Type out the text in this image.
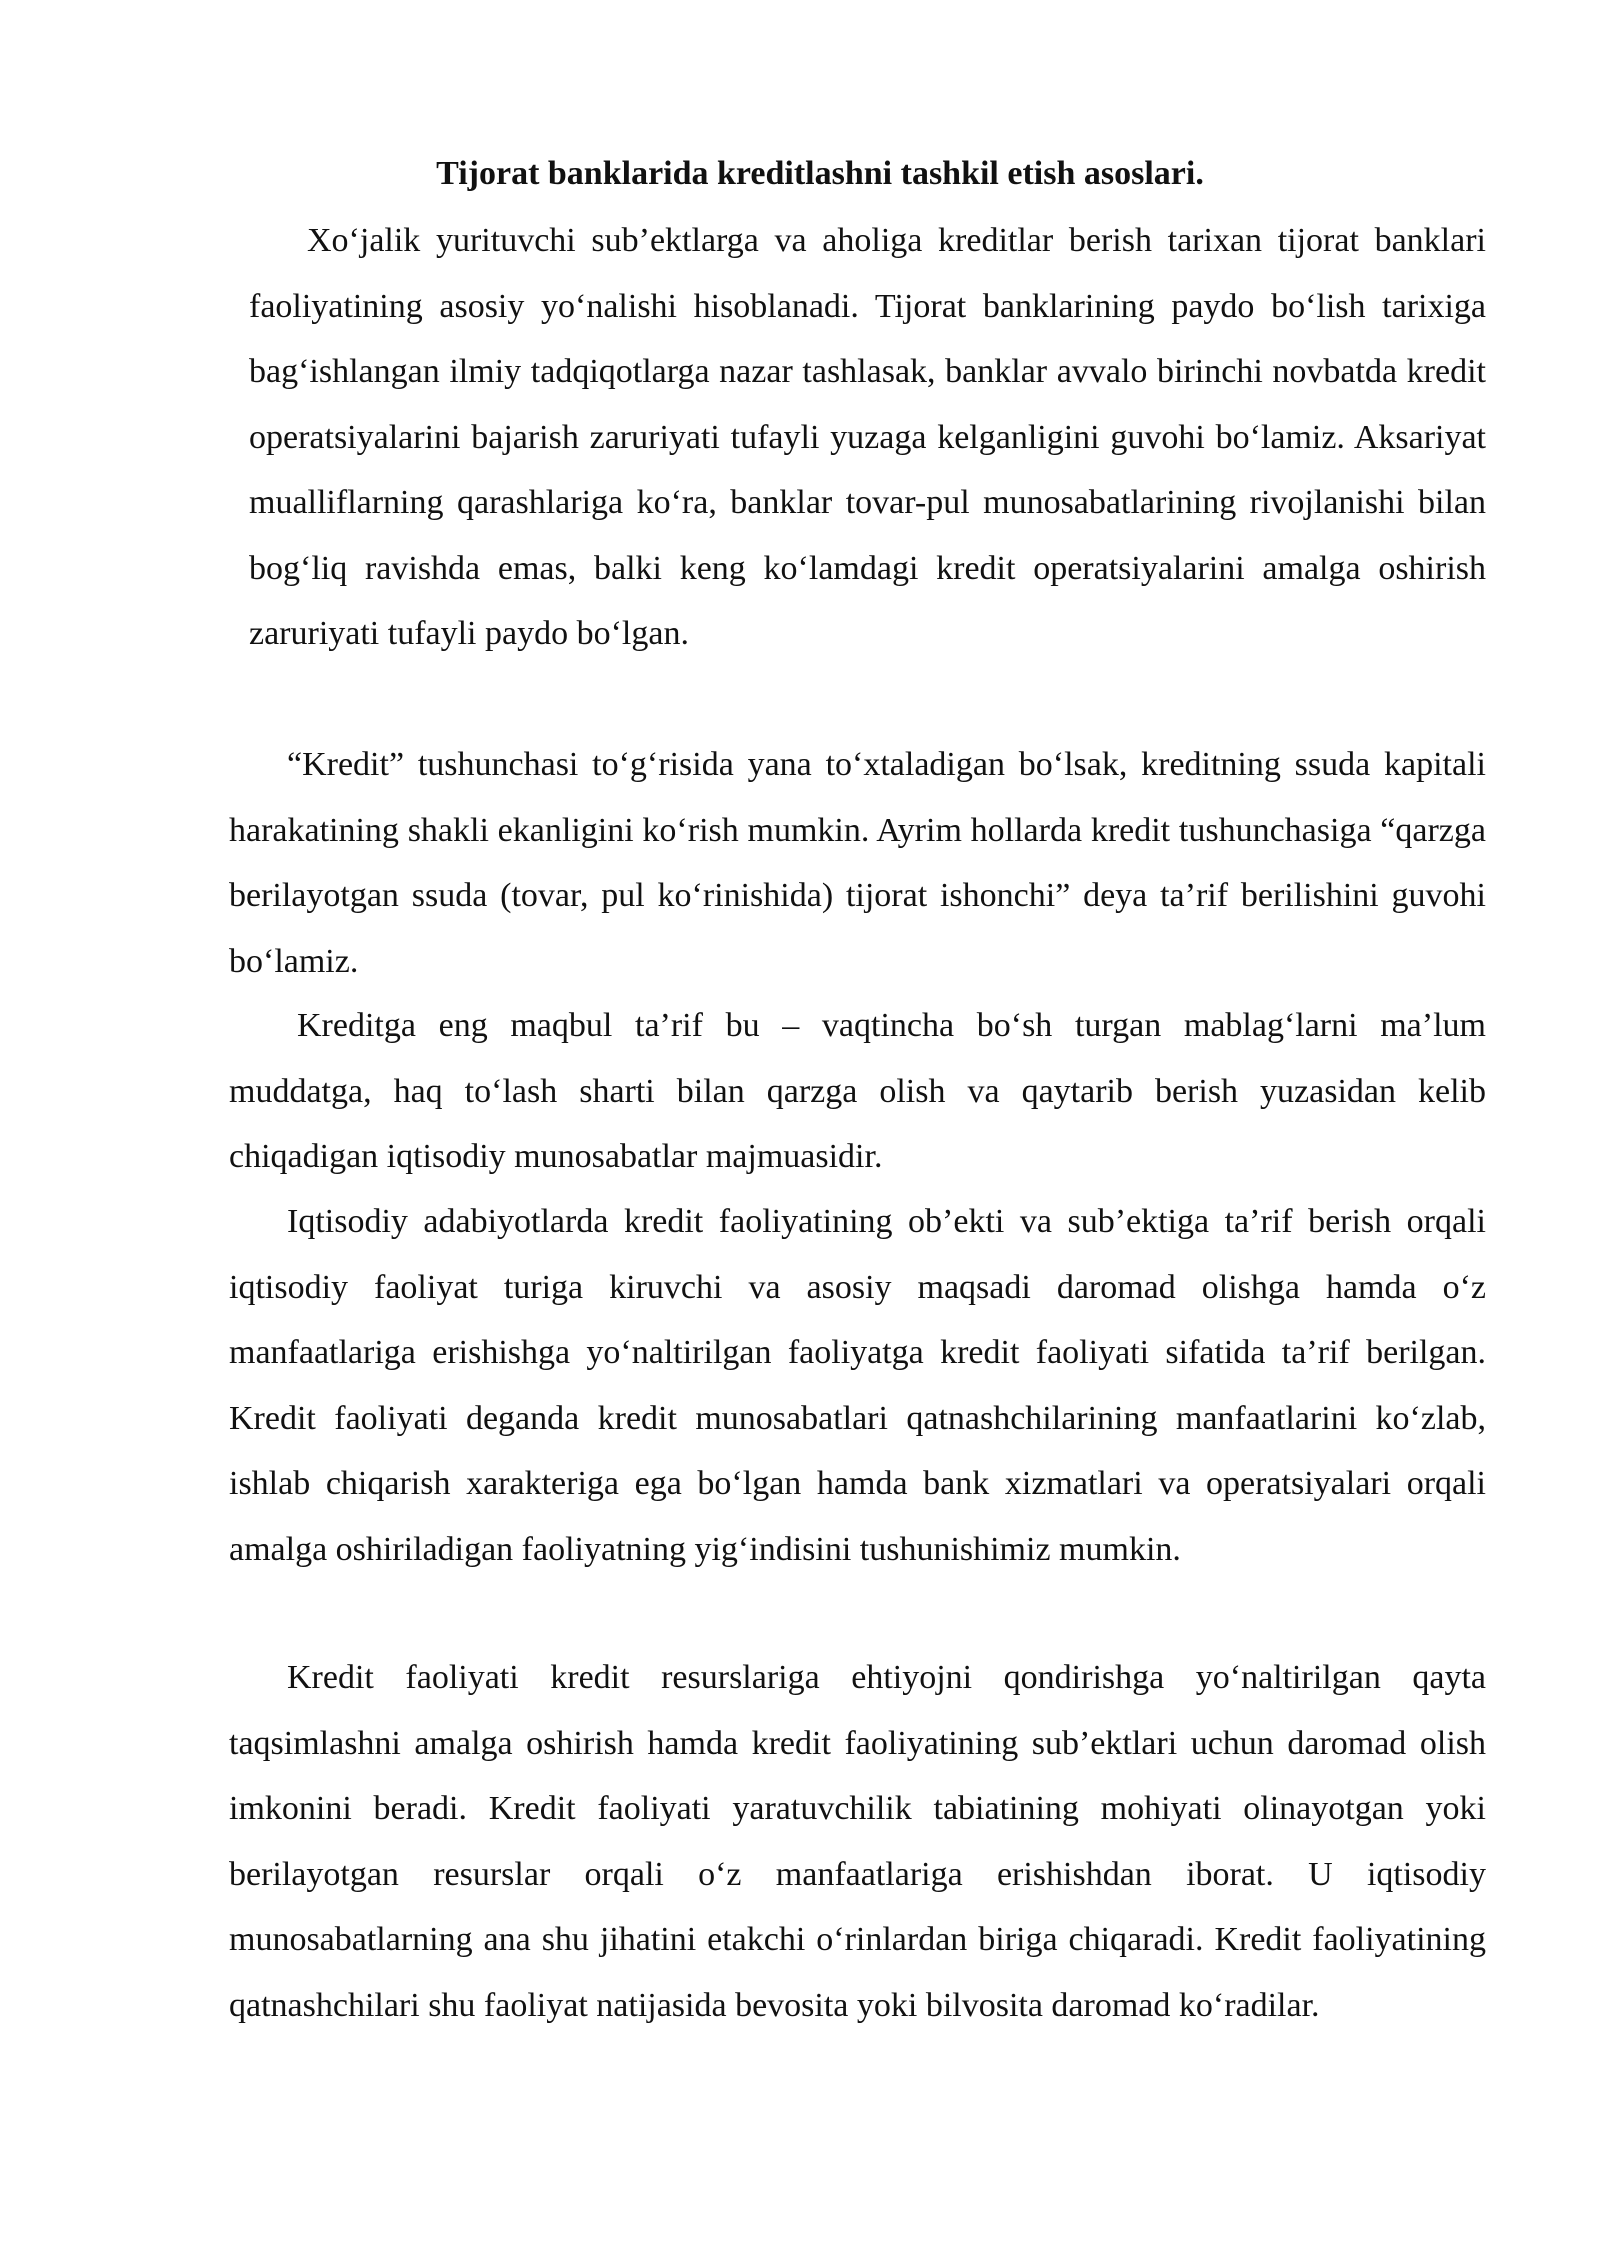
Tijorat banklarida kreditlashni tashkil etish asoslari.

Xo‘jalik yurituvchi sub’ektlarga va aholiga kreditlar berish tarixan tijorat banklari faoliyatining asosiy yo‘nalishi hisoblanadi. Tijorat banklarining paydo bo‘lish tarixiga bag‘ishlangan ilmiy tadqiqotlarga nazar tashlasak, banklar avvalo birinchi novbatda kredit operatsiyalarini bajarish zaruriyati tufayli yuzaga kelganligini guvohi bo‘lamiz. Aksariyat mualliflarning qarashlariga ko‘ra, banklar tovar-pul munosabatlarining rivojlanishi bilan bog‘liq ravishda emas, balki keng ko‘lamdagi kredit operatsiyalarini amalga oshirish zaruriyati tufayli paydo bo‘lgan.

“Kredit” tushunchasi to‘g‘risida yana to‘xtaladigan bo‘lsak, kreditning ssuda kapitali harakatining shakli ekanligini ko‘rish mumkin. Ayrim hollarda kredit tushunchasiga “qarzga berilayotgan ssuda (tovar, pul ko‘rinishida) tijorat ishonchi” deya ta’rif berilishini guvohi bo‘lamiz.

Kreditga eng maqbul ta’rif bu – vaqtincha bo‘sh turgan mablag‘larni ma’lum muddatga, haq to‘lash sharti bilan qarzga olish va qaytarib berish yuzasidan kelib chiqadigan iqtisodiy munosabatlar majmuasidir.

Iqtisodiy adabiyotlarda kredit faoliyatining ob’ekti va sub’ektiga ta’rif berish orqali iqtisodiy faoliyat turiga kiruvchi va asosiy maqsadi daromad olishga hamda o‘z manfaatlariga erishishga yo‘naltirilgan faoliyatga kredit faoliyati sifatida ta’rif berilgan. Kredit faoliyati deganda kredit munosabatlari qatnashchilarining manfaatlarini ko‘zlab, ishlab chiqarish xarakteriga ega bo‘lgan hamda bank xizmatlari va operatsiyalari orqali amalga oshiriladigan faoliyatning yig‘indisini tushunishimiz mumkin.

Kredit faoliyati kredit resurslariga ehtiyojni qondirishga yo‘naltirilgan qayta taqsimlashni amalga oshirish hamda kredit faoliyatining sub’ektlari uchun daromad olish imkonini beradi. Kredit faoliyati yaratuvchilik tabiatining mohiyati olinayotgan yoki berilayotgan resurslar orqali o‘z manfaatlariga erishishdan iborat. U iqtisodiy munosabatlarning ana shu jihatini etakchi o‘rinlardan biriga chiqaradi. Kredit faoliyatining qatnashchilari shu faoliyat natijasida bevosita yoki bilvosita daromad ko‘radilar.
